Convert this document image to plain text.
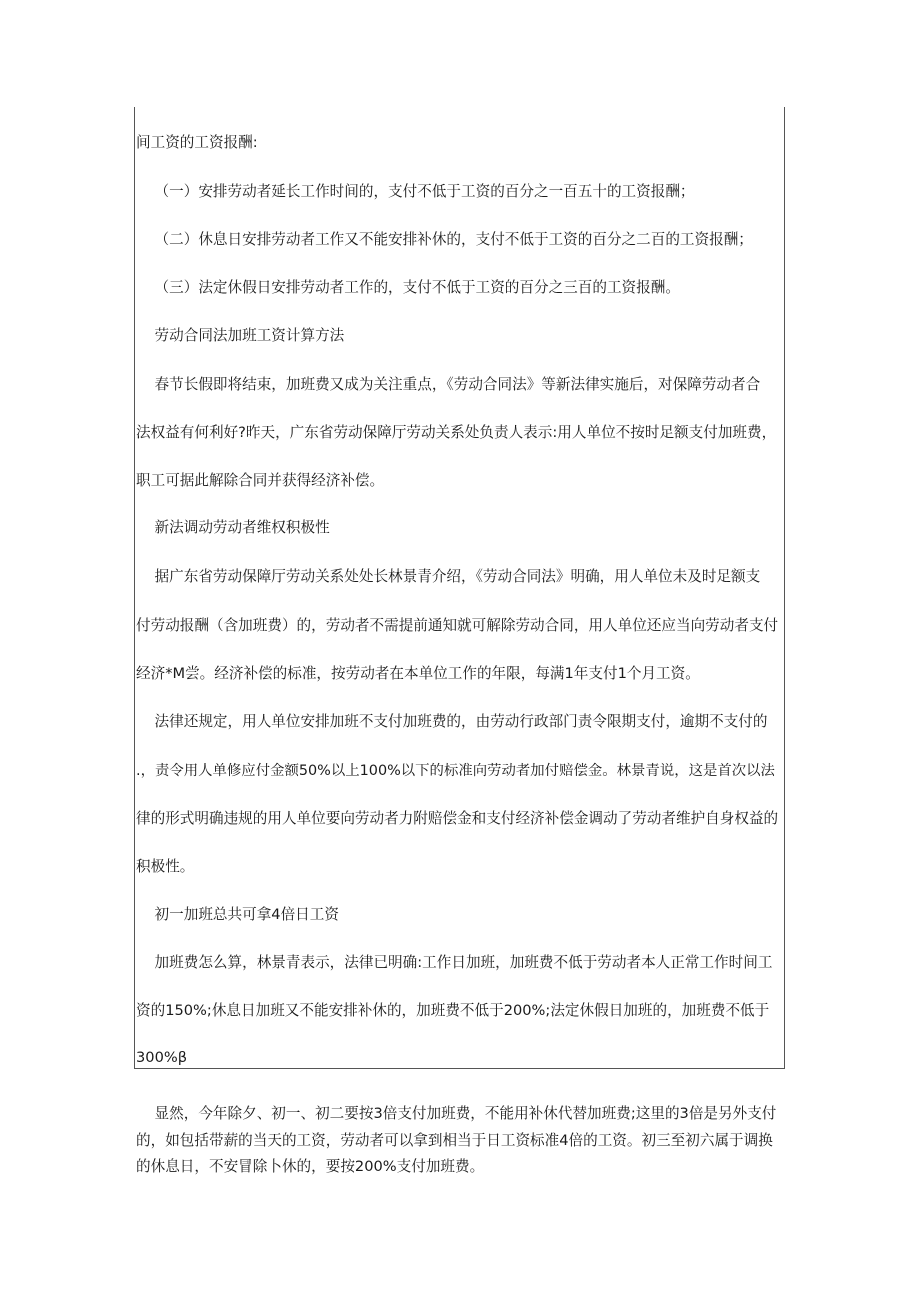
间工资的工资报酬:

（一）安排劳动者延长工作时间的，支付不低于工资的百分之一百五十的工资报酬；

（二）休息日安排劳动者工作又不能安排补休的，支付不低于工资的百分之二百的工资报酬；

（三）法定休假日安排劳动者工作的，支付不低于工资的百分之三百的工资报酬。

劳动合同法加班工资计算方法

春节长假即将结束，加班费又成为关注重点，《劳动合同法》等新法律实施后，对保障劳动者合

法权益有何利好?昨天，广东省劳动保障厅劳动关系处负责人表示:用人单位不按时足额支付加班费，

职工可据此解除合同并获得经济补偿。

新法调动劳动者维权积极性

据广东省劳动保障厅劳动关系处处长林景青介绍，《劳动合同法》明确，用人单位未及时足额支

付劳动报酬（含加班费）的，劳动者不需提前通知就可解除劳动合同，用人单位还应当向劳动者支付

经济*M尝。经济补偿的标准，按劳动者在本单位工作的年限，每满1年支付1个月工资。

法律还规定，用人单位安排加班不支付加班费的，由劳动行政部门责令限期支付，逾期不支付的

.，责令用人单修应付金额50%以上100%以下的标准向劳动者加付赔偿金。林景青说，这是首次以法

律的形式明确违规的用人单位要向劳动者力附赔偿金和支付经济补偿金调动了劳动者维护自身权益的

积极性。

初一加班总共可拿4倍日工资

加班费怎么算，林景青表示，法律已明确:工作日加班，加班费不低于劳动者本人正常工作时间工

资的150%;休息日加班又不能安排补休的，加班费不低于200%;法定休假日加班的，加班费不低于

300%β

显然，今年除夕、初一、初二要按3倍支付加班费，不能用补休代替加班费;这里的3倍是另外支付

的，如包括带薪的当天的工资，劳动者可以拿到相当于日工资标准4倍的工资。初三至初六属于调换

的休息日，不安冒除卜休的，要按200%支付加班费。
